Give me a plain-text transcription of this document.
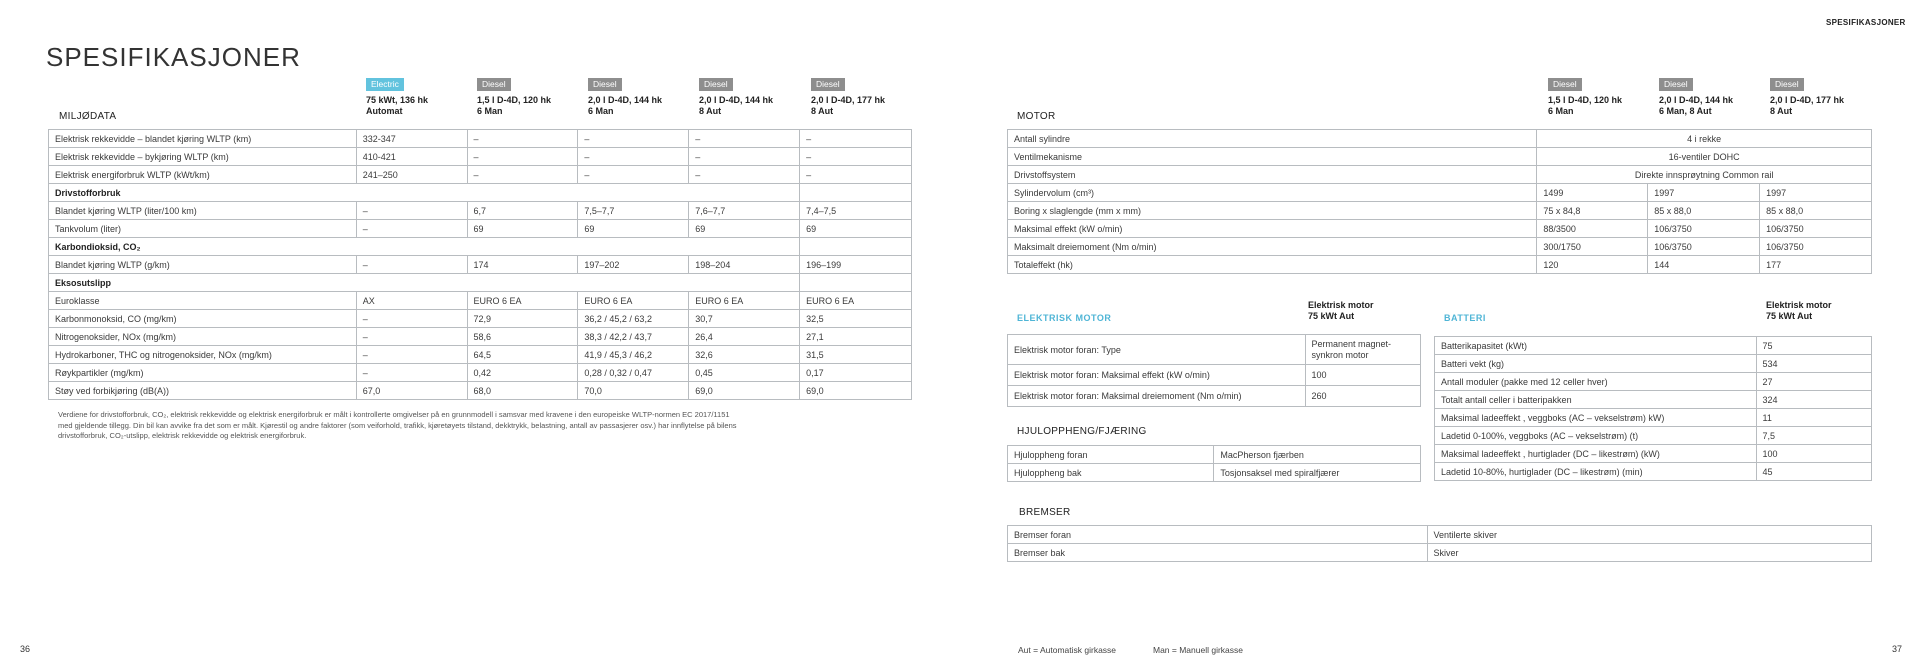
SPESIFIKASJONER
SPESIFIKASJONER
36	37
Aut = Automatisk girkasse	Man = Manuell girkasse
MILJØDATA
Electric
75 kWt, 136 hk
Automat
Diesel
1,5 l D-4D, 120 hk
6 Man
Diesel
2,0 l D-4D, 144 hk
6 Man
Diesel
2,0 l D-4D, 144 hk
8 Aut
Diesel
2,0 l D-4D, 177 hk
8 Aut
Elektrisk rekkevidde – blandet kjøring WLTP (km)	332-347	–	–	–	–
Elektrisk rekkevidde – bykjøring WLTP (km)	410-421	–	–	–	–
Elektrisk energiforbruk WLTP (kWt/km)	241–250	–	–	–	–
Drivstofforbruk					
Blandet kjøring WLTP (liter/100 km)	–	6,7	7,5–7,7	7,6–7,7	7,4–7,5
Tankvolum (liter)	–	69	69	69	69
Karbondioksid, CO₂					
Blandet kjøring WLTP (g/km)	–	174	197–202	198–204	196–199
Eksosutslipp					
Euroklasse	AX	EURO 6 EA	EURO 6 EA	EURO 6 EA	EURO 6 EA
Karbonmonoksid, CO (mg/km)	–	72,9	36,2 / 45,2 / 63,2	30,7	32,5
Nitrogenoksider, NOx (mg/km)	–	58,6	38,3 / 42,2 / 43,7	26,4	27,1
Hydrokarboner, THC og nitrogenoksider, NOx (mg/km)	–	64,5	41,9 / 45,3 / 46,2	32,6	31,5
Røykpartikler (mg/km)	–	0,42	0,28 / 0,32 / 0,47	0,45	0,17
Støy ved forbikjøring (dB(A))	67,0	68,0	70,0	69,0	69,0
Verdiene for drivstofforbruk, CO₂, elektrisk rekkevidde og elektrisk energiforbruk er målt i kontrollerte omgivelser på en grunnmodell i samsvar med kravene i den europeiske WLTP-normen EC 2017/1151
med gjeldende tillegg. Din bil kan avvike fra det som er målt. Kjørestil og andre faktorer (som veiforhold, trafikk, kjøretøyets tilstand, dekktrykk, belastning, antall av passasjerer osv.) har innflytelse på bilens
drivstofforbruk, CO₂-utslipp, elektrisk rekkevidde og elektrisk energiforbruk.
MOTOR
Diesel
1,5 l D-4D, 120 hk
6 Man
Diesel
2,0 l D-4D, 144 hk
6 Man, 8 Aut
Diesel
2,0 l D-4D, 177 hk
8 Aut
Antall sylindre	4 i rekke		
Ventilmekanisme	16-ventiler DOHC		
Drivstoffsystem	Direkte innsprøytning Common rail		
Sylindervolum (cm³)	1499	1997	1997
Boring x slaglengde (mm x mm)	75 x 84,8	85 x 88,0	85 x 88,0
Maksimal effekt (kW o/min)	88/3500	106/3750	106/3750
Maksimalt dreiemoment (Nm o/min)	300/1750	106/3750	106/3750
Totaleffekt (hk)	120	144	177
ELEKTRISK MOTOR
Elektrisk motor
75 kWt Aut
Elektrisk motor foran: Type	Permanent magnet-synkron motor
Elektrisk motor foran: Maksimal effekt (kW o/min)	100
Elektrisk motor foran: Maksimal dreiemoment (Nm o/min)	260
BATTERI
Elektrisk motor
75 kWt Aut
Batterikapasitet (kWt)	75
Batteri vekt (kg)	534
Antall moduler (pakke med 12 celler hver)	27
Totalt antall celler i batteripakken	324
Maksimal ladeeffekt , veggboks (AC – vekselstrøm) kW)	11
Ladetid 0-100%, veggboks (AC – vekselstrøm) (t)	7,5
Maksimal ladeeffekt , hurtiglader (DC – likestrøm) (kW)	100
Ladetid 10-80%, hurtiglader (DC – likestrøm) (min)	45
HJULOPPHENG/FJÆRING
Hjuloppheng foran	MacPherson fjærben
Hjuloppheng bak	Tosjonsaksel med spiralfjærer
BREMSER
Bremser foran	Ventilerte skiver
Bremser bak	Skiver
